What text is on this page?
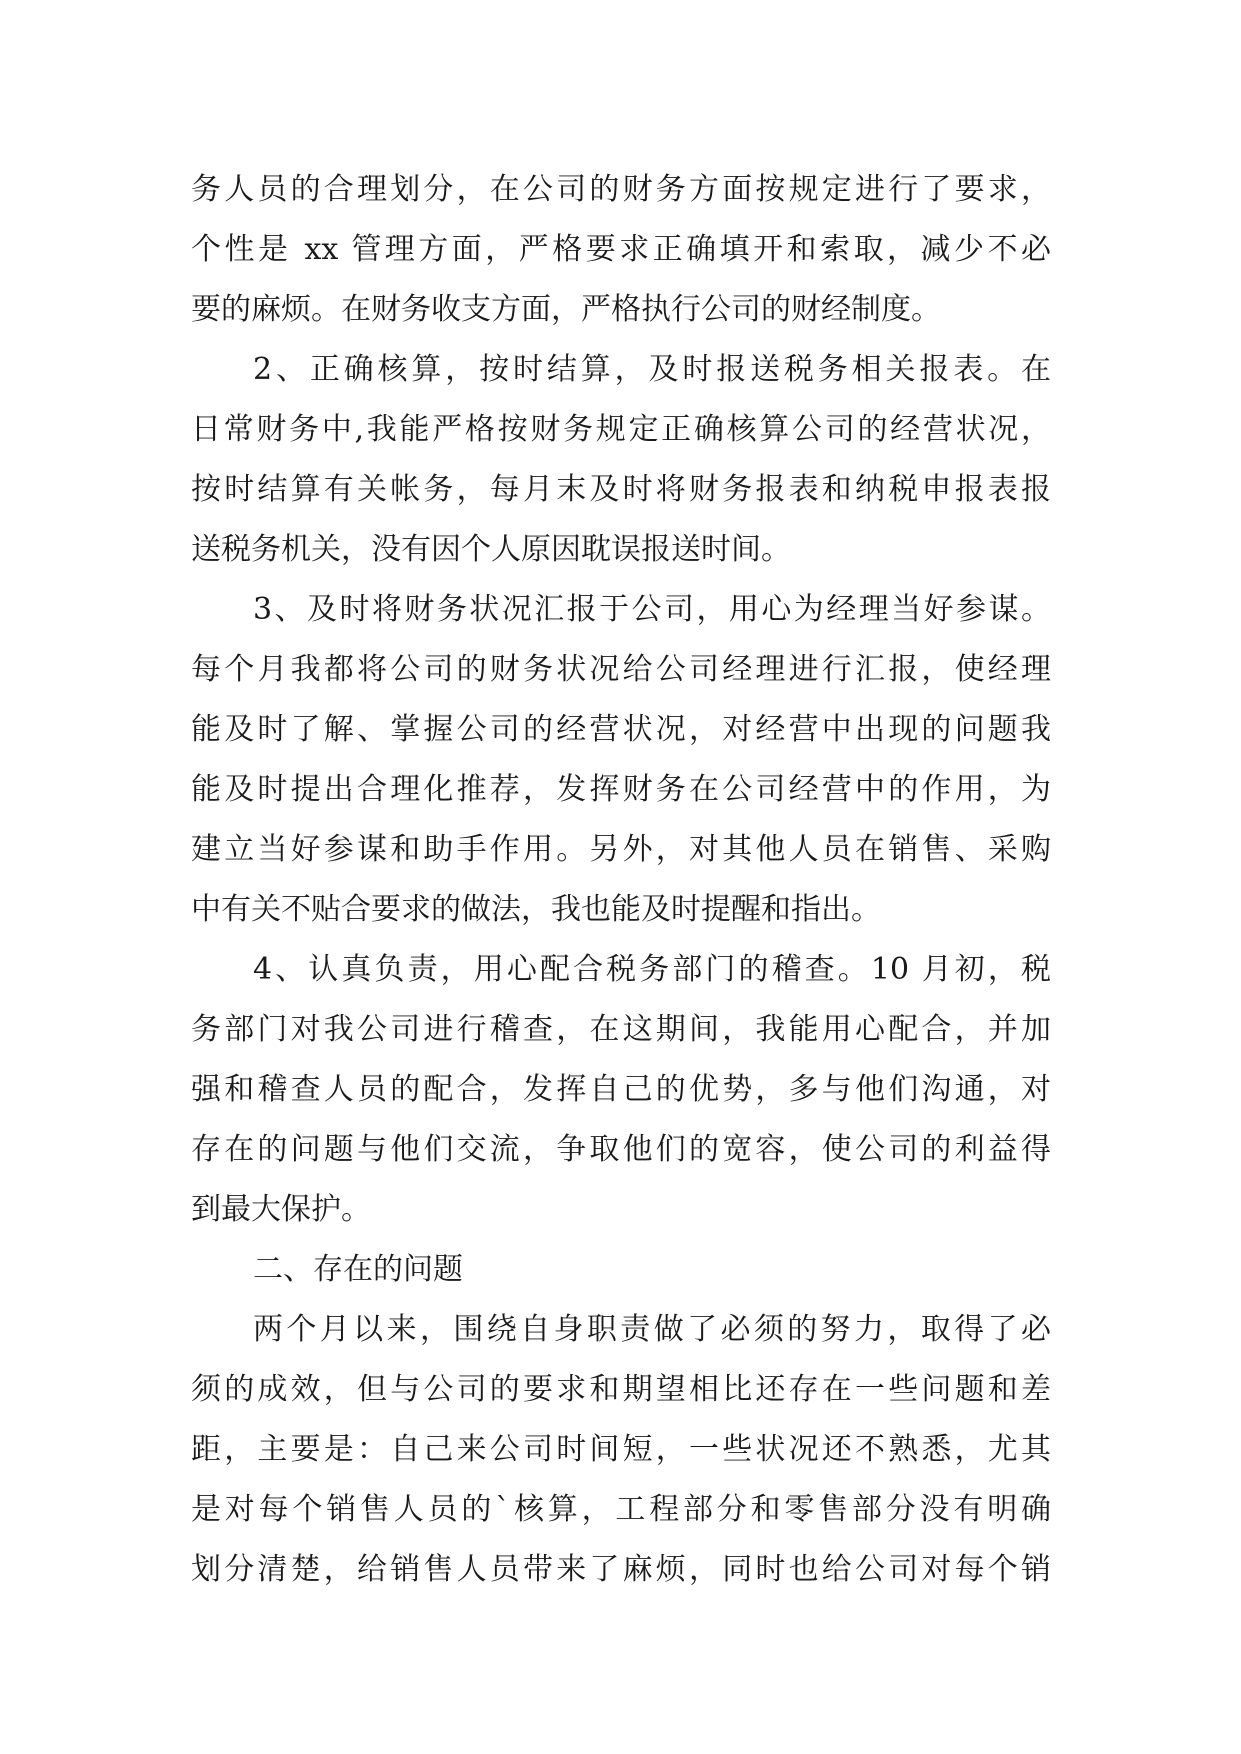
务人员的合理划分，在公司的财务方面按规定进行了要求，
个性是 xx 管理方面，严格要求正确填开和索取，减少不必
要的麻烦。在财务收支方面，严格执行公司的财经制度。
2、正确核算，按时结算，及时报送税务相关报表。在
日常财务中,我能严格按财务规定正确核算公司的经营状况，
按时结算有关帐务，每月末及时将财务报表和纳税申报表报
送税务机关，没有因个人原因耽误报送时间。
3、及时将财务状况汇报于公司，用心为经理当好参谋。
每个月我都将公司的财务状况给公司经理进行汇报，使经理
能及时了解、掌握公司的经营状况，对经营中出现的问题我
能及时提出合理化推荐，发挥财务在公司经营中的作用，为
建立当好参谋和助手作用。另外，对其他人员在销售、采购
中有关不贴合要求的做法，我也能及时提醒和指出。
4、认真负责，用心配合税务部门的稽查。10 月初，税
务部门对我公司进行稽查，在这期间，我能用心配合，并加
强和稽查人员的配合，发挥自己的优势，多与他们沟通，对
存在的问题与他们交流，争取他们的宽容，使公司的利益得
到最大保护。
二、存在的问题
两个月以来，围绕自身职责做了必须的努力，取得了必
须的成效，但与公司的要求和期望相比还存在一些问题和差
距，主要是：自己来公司时间短，一些状况还不熟悉，尤其
是对每个销售人员的`核算，工程部分和零售部分没有明确
划分清楚，给销售人员带来了麻烦，同时也给公司对每个销
